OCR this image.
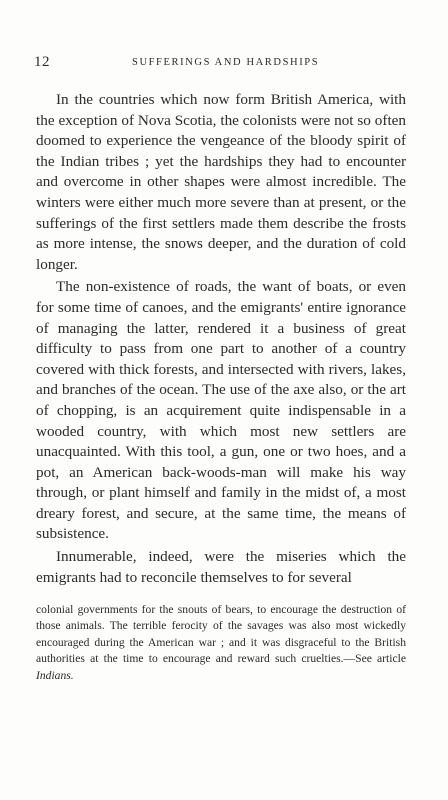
12	SUFFERINGS AND HARDSHIPS

In the countries which now form British America, with the exception of Nova Scotia, the colonists were not so often doomed to experience the vengeance of the bloody spirit of the Indian tribes ; yet the hardships they had to encounter and overcome in other shapes were almost incredible. The winters were either much more severe than at present, or the sufferings of the first settlers made them describe the frosts as more intense, the snows deeper, and the duration of cold longer.

The non-existence of roads, the want of boats, or even for some time of canoes, and the emigrants' entire ignorance of managing the latter, rendered it a business of great difficulty to pass from one part to another of a country covered with thick forests, and intersected with rivers, lakes, and branches of the ocean. The use of the axe also, or the art of chopping, is an acquirement quite indispensable in a wooded country, with which most new settlers are unacquainted. With this tool, a gun, one or two hoes, and a pot, an American back-woods-man will make his way through, or plant himself and family in the midst of, a most dreary forest, and secure, at the same time, the means of subsistence.

Innumerable, indeed, were the miseries which the emigrants had to reconcile themselves to for several

colonial governments for the snouts of bears, to encourage the destruction of those animals. The terrible ferocity of the savages was also most wickedly encouraged during the American war ; and it was disgraceful to the British authorities at the time to encourage and reward such cruelties.—See article Indians.
